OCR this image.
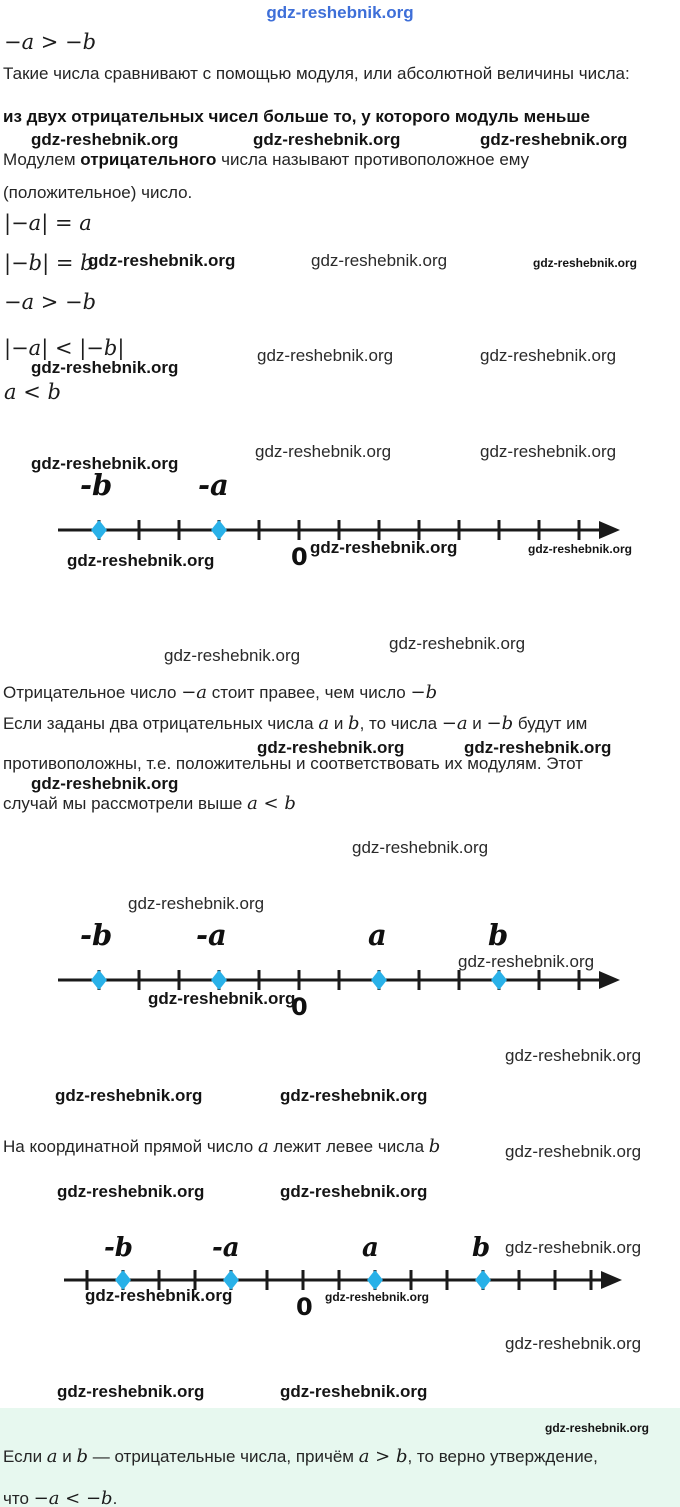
gdz-reshebnik.org
−a > −b
Такие числа сравнивают с помощью модуля, или абсолютной величины числа:
из двух отрицательных чисел больше то, у которого модуль меньше
Модулем отрицательного числа называют противоположное ему
(положительное) число.
|−a| = a
|−b| = b
−a > −b
|−a| < |−b|
a < b
-b	-a
0
Отрицательное число −a стоит правее, чем число −b
Если заданы два отрицательных числа a и b, то числа −a и −b будут им
противоположны, т.е. положительны и соответствовать их модулям. Этот
случай мы рассмотрели выше a < b
-b	-a	a	b
0
На координатной прямой число a лежит левее числа b
-b	-a	a	b
0
Если a и b — отрицательные числа, причём a > b, то верно утверждение,
что −a < −b.
gdz-reshebnik.org	gdz-reshebnik.org	gdz-reshebnik.org
gdz-reshebnik.org
gdz-reshebnik.org
gdz-reshebnik.org
gdz-reshebnik.org
gdz-reshebnik.org
gdz-reshebnik.org	gdz-reshebnik.org
gdz-reshebnik.org
gdz-reshebnik.org
gdz-reshebnik.org	gdz-reshebnik.org
gdz-reshebnik.org	gdz-reshebnik.org
gdz-reshebnik.org
gdz-reshebnik.org	gdz-reshebnik.org
gdz-reshebnik.org
gdz-reshebnik.org	gdz-reshebnik.org
gdz-reshebnik.org	gdz-reshebnik.org
gdz-reshebnik.org
gdz-reshebnik.org
gdz-reshebnik.org
gdz-reshebnik.org
gdz-reshebnik.org
gdz-reshebnik.org
gdz-reshebnik.org
gdz-reshebnik.org
gdz-reshebnik.org
gdz-reshebnik.org
gdz-reshebnik.org
gdz-reshebnik.org
gdz-reshebnik.org
